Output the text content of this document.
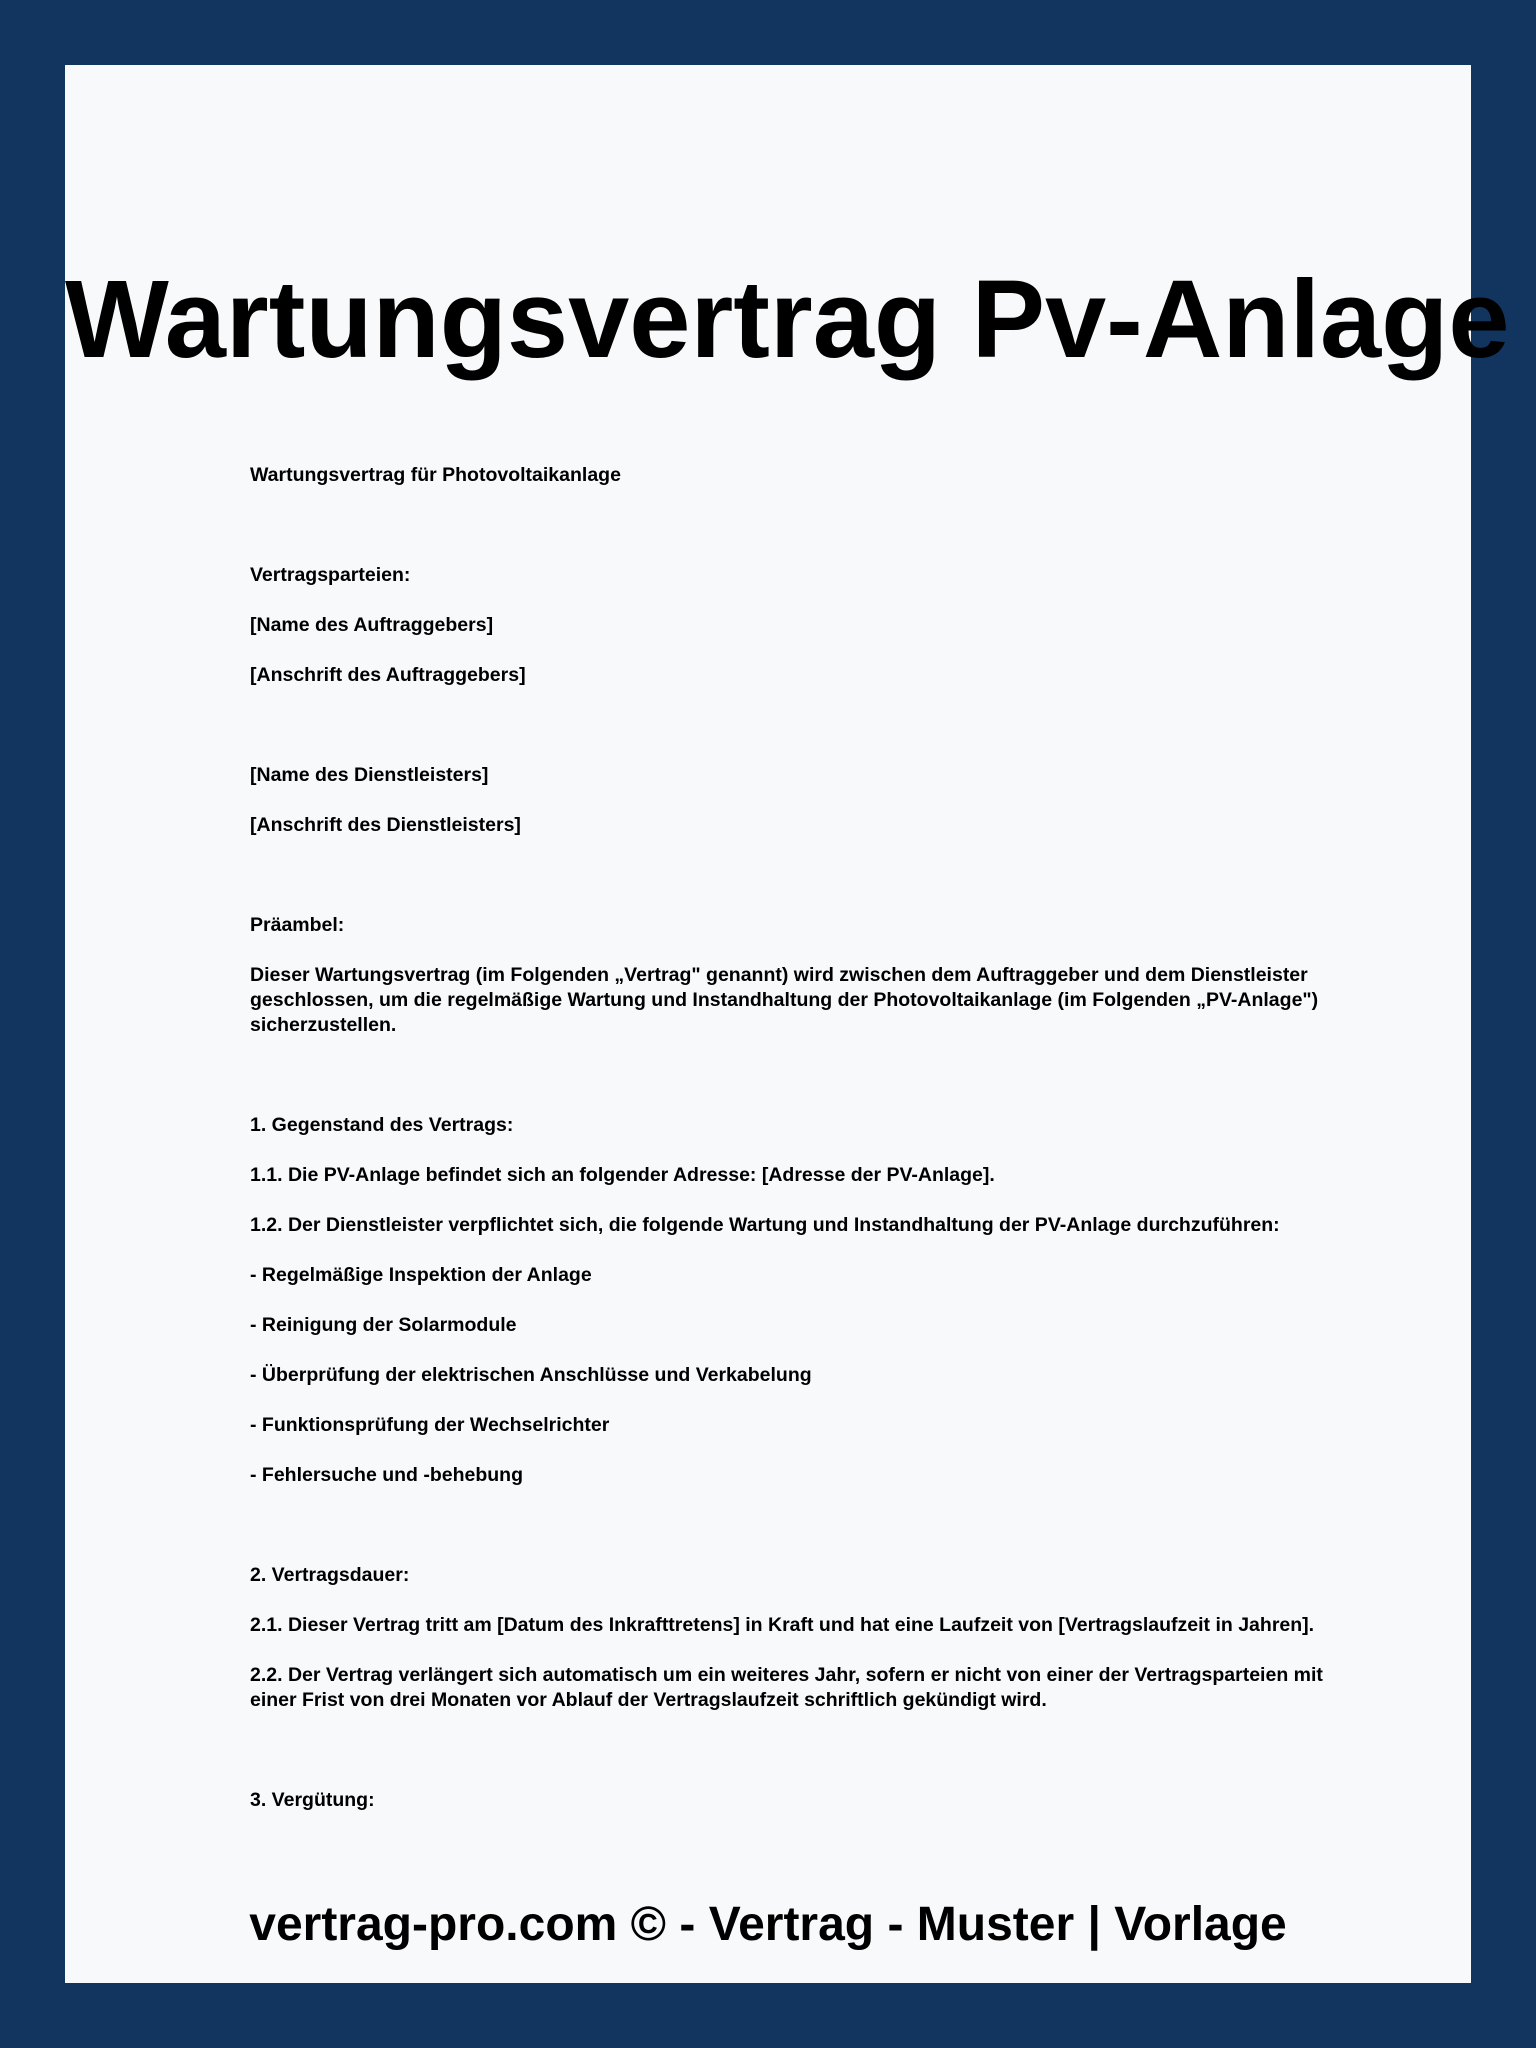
Wartungsvertrag Pv-Anlage

Wartungsvertrag für Photovoltaikanlage

Vertragsparteien:

[Name des Auftraggebers]

[Anschrift des Auftraggebers]

[Name des Dienstleisters]

[Anschrift des Dienstleisters]

Präambel:

Dieser Wartungsvertrag (im Folgenden „Vertrag" genannt) wird zwischen dem Auftraggeber und dem Dienstleister geschlossen, um die regelmäßige Wartung und Instandhaltung der Photovoltaikanlage (im Folgenden „PV-Anlage") sicherzustellen.

1. Gegenstand des Vertrags:

1.1. Die PV-Anlage befindet sich an folgender Adresse: [Adresse der PV-Anlage].

1.2. Der Dienstleister verpflichtet sich, die folgende Wartung und Instandhaltung der PV-Anlage durchzuführen:

- Regelmäßige Inspektion der Anlage

- Reinigung der Solarmodule

- Überprüfung der elektrischen Anschlüsse und Verkabelung

- Funktionsprüfung der Wechselrichter

- Fehlersuche und -behebung

2. Vertragsdauer:

2.1. Dieser Vertrag tritt am [Datum des Inkrafttretens] in Kraft und hat eine Laufzeit von [Vertragslaufzeit in Jahren].

2.2. Der Vertrag verlängert sich automatisch um ein weiteres Jahr, sofern er nicht von einer der Vertragsparteien mit einer Frist von drei Monaten vor Ablauf der Vertragslaufzeit schriftlich gekündigt wird.

3. Vergütung:

vertrag-pro.com © - Vertrag - Muster | Vorlage
